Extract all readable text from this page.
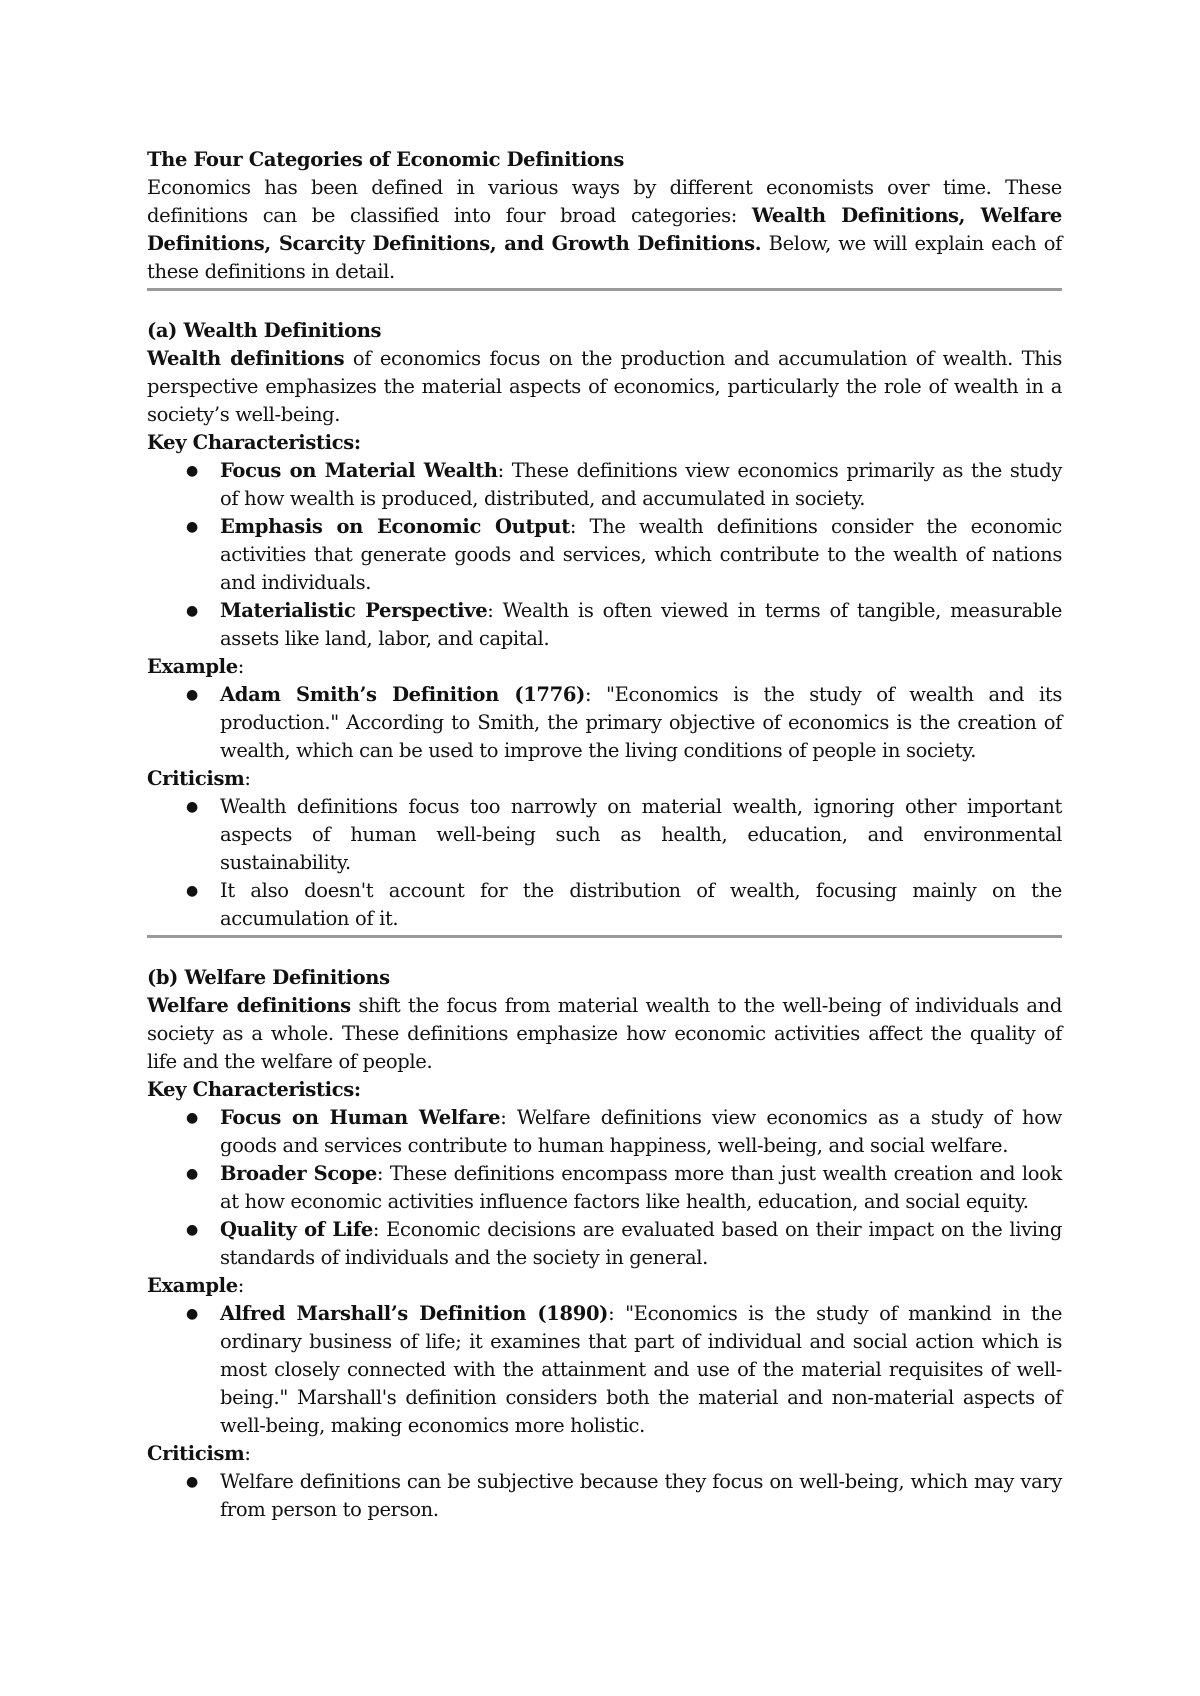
The Four Categories of Economic Definitions

Economics has been defined in various ways by different economists over time. These definitions can be classified into four broad categories: Wealth Definitions, Welfare Definitions, Scarcity Definitions, and Growth Definitions. Below, we will explain each of these definitions in detail.

(a) Wealth Definitions

Wealth definitions of economics focus on the production and accumulation of wealth. This perspective emphasizes the material aspects of economics, particularly the role of wealth in a society’s well-being.

Key Characteristics:

● Focus on Material Wealth: These definitions view economics primarily as the study of how wealth is produced, distributed, and accumulated in society.
● Emphasis on Economic Output: The wealth definitions consider the economic activities that generate goods and services, which contribute to the wealth of nations and individuals.
● Materialistic Perspective: Wealth is often viewed in terms of tangible, measurable assets like land, labor, and capital.

Example:

● Adam Smith’s Definition (1776): "Economics is the study of wealth and its production." According to Smith, the primary objective of economics is the creation of wealth, which can be used to improve the living conditions of people in society.

Criticism:

● Wealth definitions focus too narrowly on material wealth, ignoring other important aspects of human well-being such as health, education, and environmental sustainability.
● It also doesn't account for the distribution of wealth, focusing mainly on the accumulation of it.

(b) Welfare Definitions

Welfare definitions shift the focus from material wealth to the well-being of individuals and society as a whole. These definitions emphasize how economic activities affect the quality of life and the welfare of people.

Key Characteristics:

● Focus on Human Welfare: Welfare definitions view economics as a study of how goods and services contribute to human happiness, well-being, and social welfare.
● Broader Scope: These definitions encompass more than just wealth creation and look at how economic activities influence factors like health, education, and social equity.
● Quality of Life: Economic decisions are evaluated based on their impact on the living standards of individuals and the society in general.

Example:

● Alfred Marshall’s Definition (1890): "Economics is the study of mankind in the ordinary business of life; it examines that part of individual and social action which is most closely connected with the attainment and use of the material requisites of well-being." Marshall's definition considers both the material and non-material aspects of well-being, making economics more holistic.

Criticism:

● Welfare definitions can be subjective because they focus on well-being, which may vary from person to person.
